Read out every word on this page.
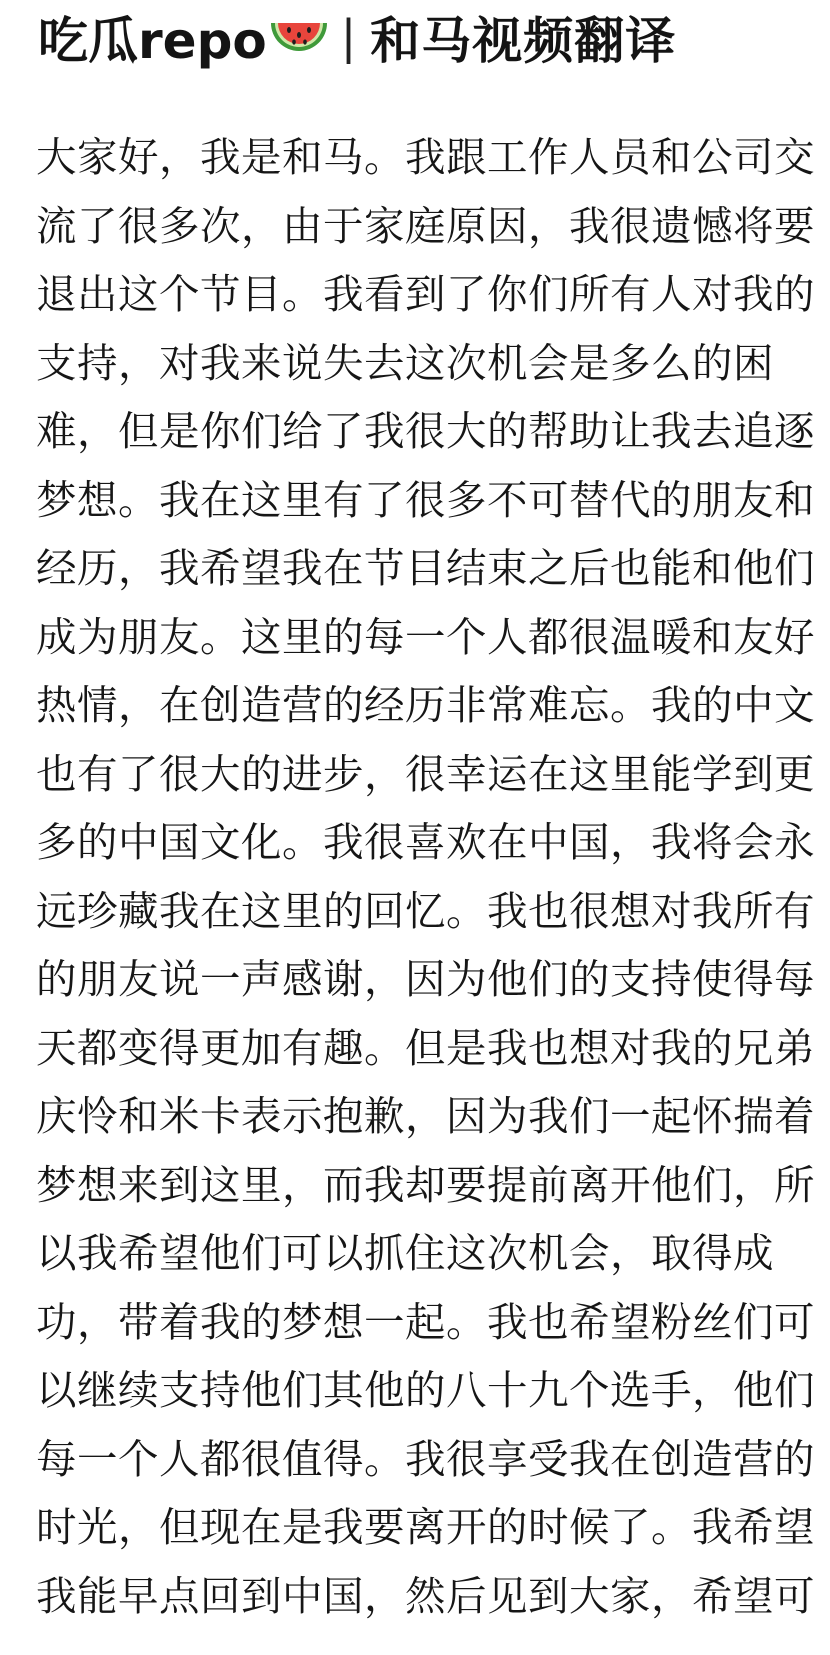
吃瓜repo | 和马视频翻译
大家好，我是和马。我跟工作人员和公司交
流了很多次，由于家庭原因，我很遗憾将要
退出这个节目。我看到了你们所有人对我的
支持，对我来说失去这次机会是多么的困
难，但是你们给了我很大的帮助让我去追逐
梦想。我在这里有了很多不可替代的朋友和
经历，我希望我在节目结束之后也能和他们
成为朋友。这里的每一个人都很温暖和友好
热情，在创造营的经历非常难忘。我的中文
也有了很大的进步，很幸运在这里能学到更
多的中国文化。我很喜欢在中国，我将会永
远珍藏我在这里的回忆。我也很想对我所有
的朋友说一声感谢，因为他们的支持使得每
天都变得更加有趣。但是我也想对我的兄弟
庆怜和米卡表示抱歉，因为我们一起怀揣着
梦想来到这里，而我却要提前离开他们，所
以我希望他们可以抓住这次机会，取得成
功，带着我的梦想一起。我也希望粉丝们可
以继续支持他们其他的八十九个选手，他们
每一个人都很值得。我很享受我在创造营的
时光，但现在是我要离开的时候了。我希望
我能早点回到中国，然后见到大家，希望可
